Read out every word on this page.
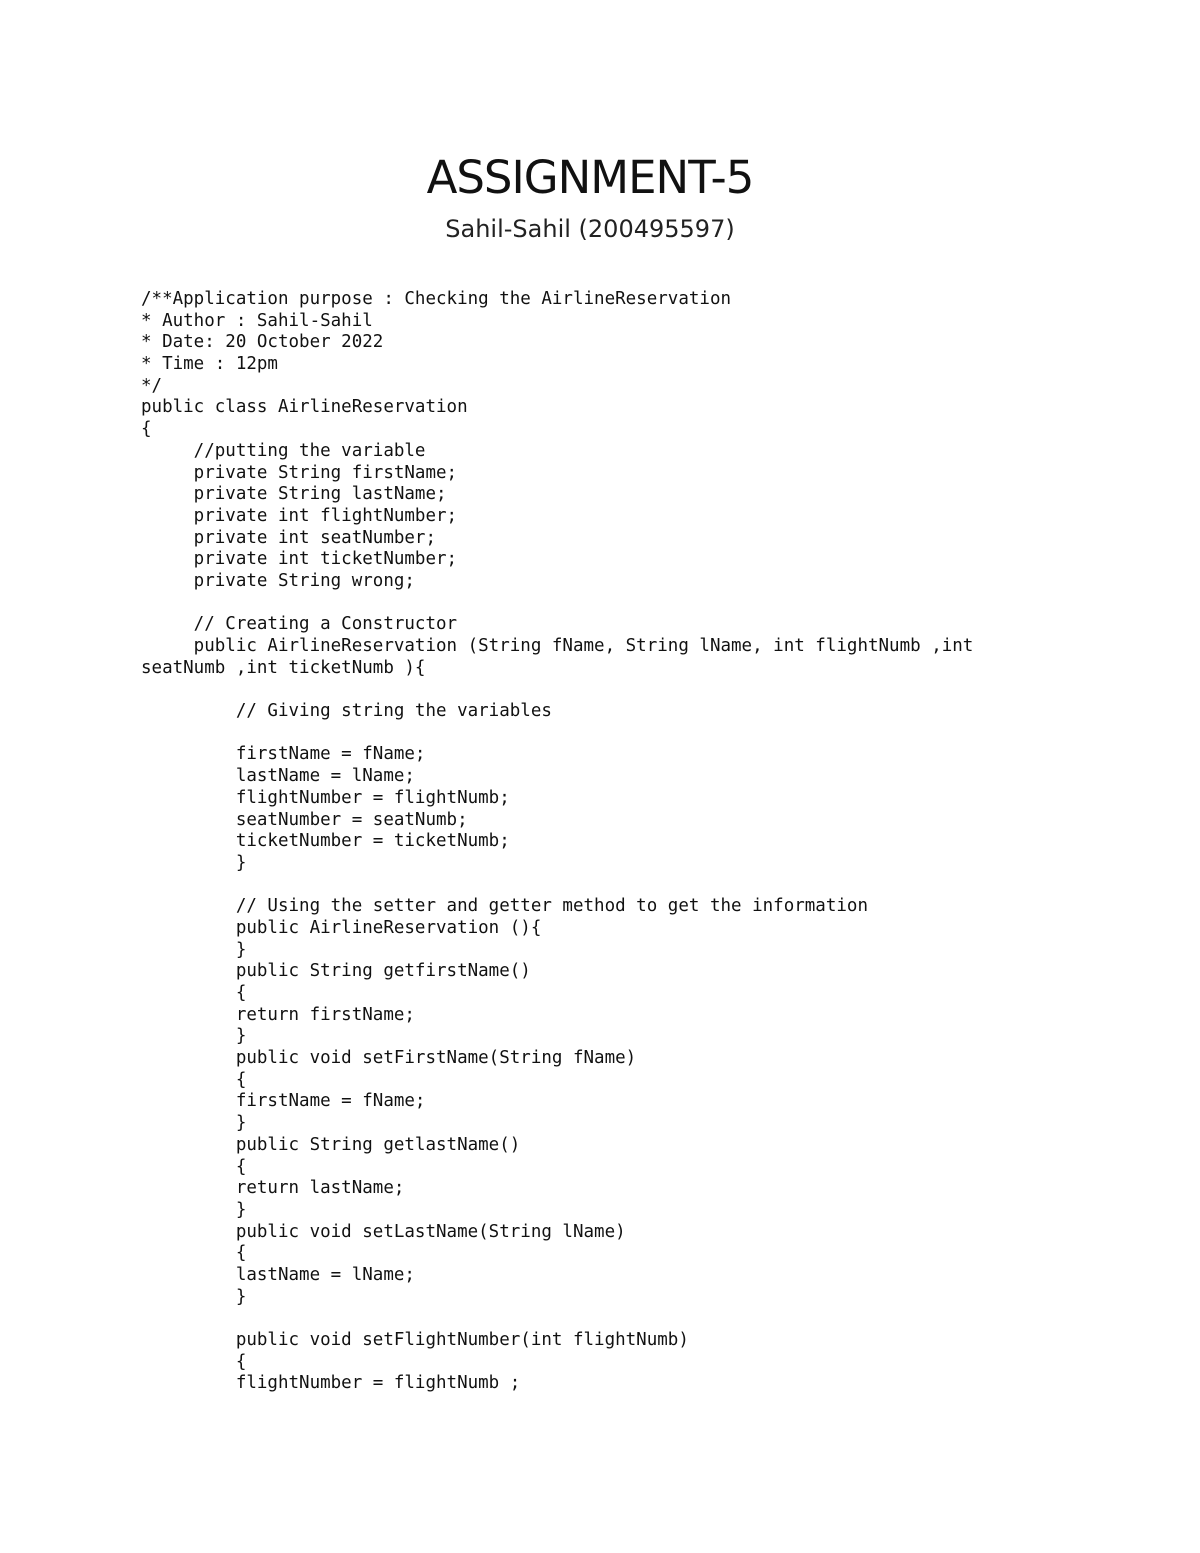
ASSIGNMENT-5
Sahil-Sahil (200495597)
/**Application purpose : Checking the AirlineReservation
* Author : Sahil-Sahil
* Date: 20 October 2022
* Time : 12pm
*/
public class AirlineReservation
{
//putting the variable
private String firstName;
private String lastName;
private int flightNumber;
private int seatNumber;
private int ticketNumber;
private String wrong;
// Creating a Constructor
public AirlineReservation (String fName, String lName, int flightNumb ,int
seatNumb ,int ticketNumb ){
// Giving string the variables
firstName = fName;
lastName = lName;
flightNumber = flightNumb;
seatNumber = seatNumb;
ticketNumber = ticketNumb;
}
// Using the setter and getter method to get the information
public AirlineReservation (){
}
public String getfirstName()
{
return firstName;
}
public void setFirstName(String fName)
{
firstName = fName;
}
public String getlastName()
{
return lastName;
}
public void setLastName(String lName)
{
lastName = lName;
}
public void setFlightNumber(int flightNumb)
{
flightNumber = flightNumb ;
